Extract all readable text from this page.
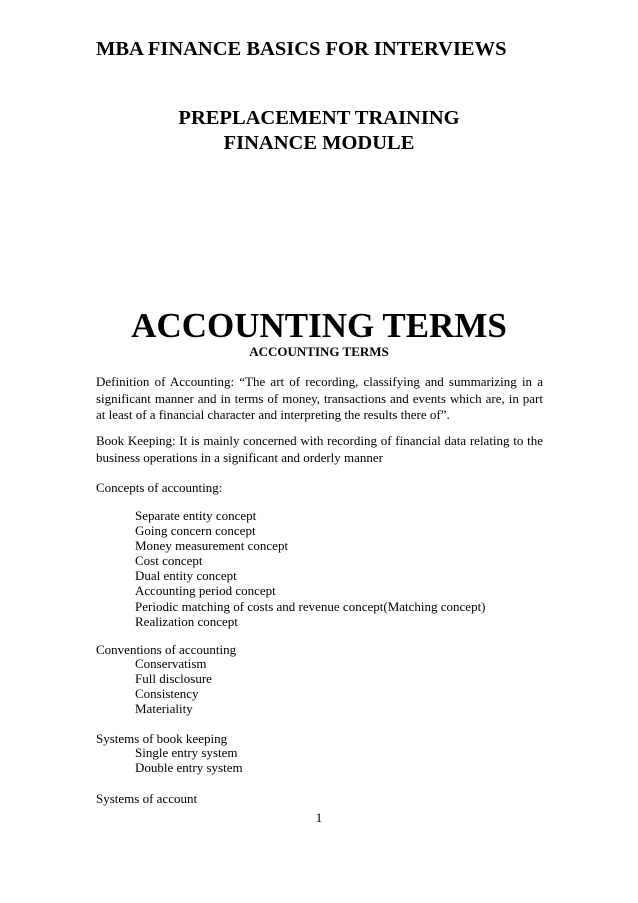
MBA FINANCE BASICS FOR INTERVIEWS
PREPLACEMENT TRAINING
FINANCE MODULE
ACCOUNTING TERMS
ACCOUNTING TERMS

Definition of Accounting: “The art of recording, classifying and summarizing in a
significant manner and in terms of money, transactions and events which are, in part
at least of a financial character and interpreting the results there of”.

Book Keeping: It is mainly concerned with recording of financial data relating to the
business operations in a significant and orderly manner

Concepts of accounting:
Separate entity concept
Going concern concept
Money measurement concept
Cost concept
Dual entity concept
Accounting period concept
Periodic matching of costs and revenue concept(Matching concept)
Realization concept
Conventions of accounting
Conservatism
Full disclosure
Consistency
Materiality
Systems of book keeping
Single entry system
Double entry system
Systems of account
1
